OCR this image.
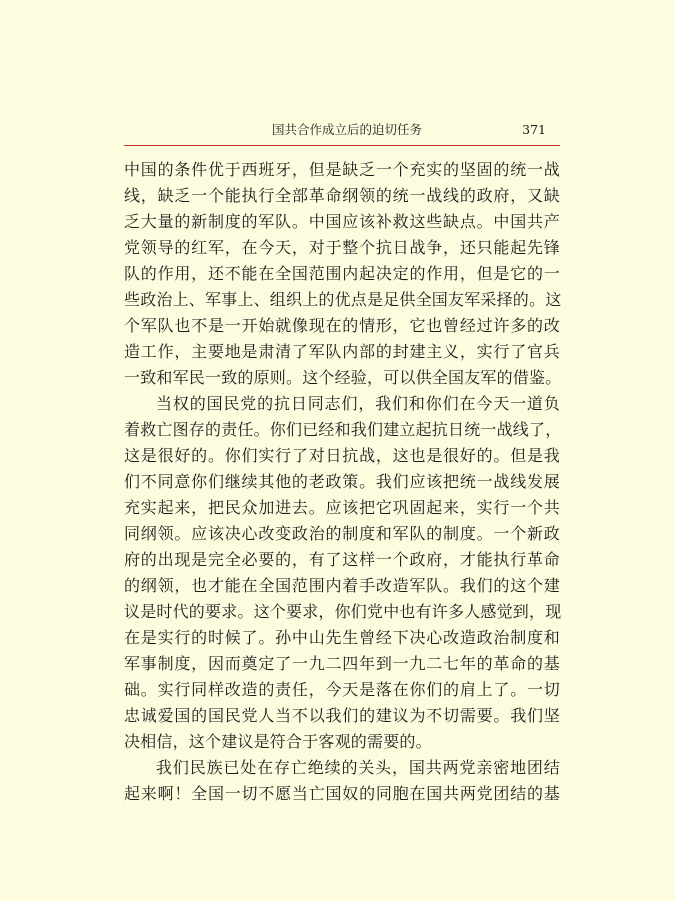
国共合作成立后的迫切任务	371
中国的条件优于西班牙，但是缺乏一个充实的坚固的统一战
线，缺乏一个能执行全部革命纲领的统一战线的政府，又缺
乏大量的新制度的军队。中国应该补救这些缺点。中国共产
党领导的红军，在今天，对于整个抗日战争，还只能起先锋
队的作用，还不能在全国范围内起决定的作用，但是它的一
些政治上、军事上、组织上的优点是足供全国友军采择的。这
个军队也不是一开始就像现在的情形，它也曾经过许多的改
造工作，主要地是肃清了军队内部的封建主义，实行了官兵
一致和军民一致的原则。这个经验，可以供全国友军的借鉴。
当权的国民党的抗日同志们，我们和你们在今天一道负
着救亡图存的责任。你们已经和我们建立起抗日统一战线了，
这是很好的。你们实行了对日抗战，这也是很好的。但是我
们不同意你们继续其他的老政策。我们应该把统一战线发展
充实起来，把民众加进去。应该把它巩固起来，实行一个共
同纲领。应该决心改变政治的制度和军队的制度。一个新政
府的出现是完全必要的，有了这样一个政府，才能执行革命
的纲领，也才能在全国范围内着手改造军队。我们的这个建
议是时代的要求。这个要求，你们党中也有许多人感觉到，现
在是实行的时候了。孙中山先生曾经下决心改造政治制度和
军事制度，因而奠定了一九二四年到一九二七年的革命的基
础。实行同样改造的责任，今天是落在你们的肩上了。一切
忠诚爱国的国民党人当不以我们的建议为不切需要。我们坚
决相信，这个建议是符合于客观的需要的。
我们民族已处在存亡绝续的关头，国共两党亲密地团结
起来啊！全国一切不愿当亡国奴的同胞在国共两党团结的基
